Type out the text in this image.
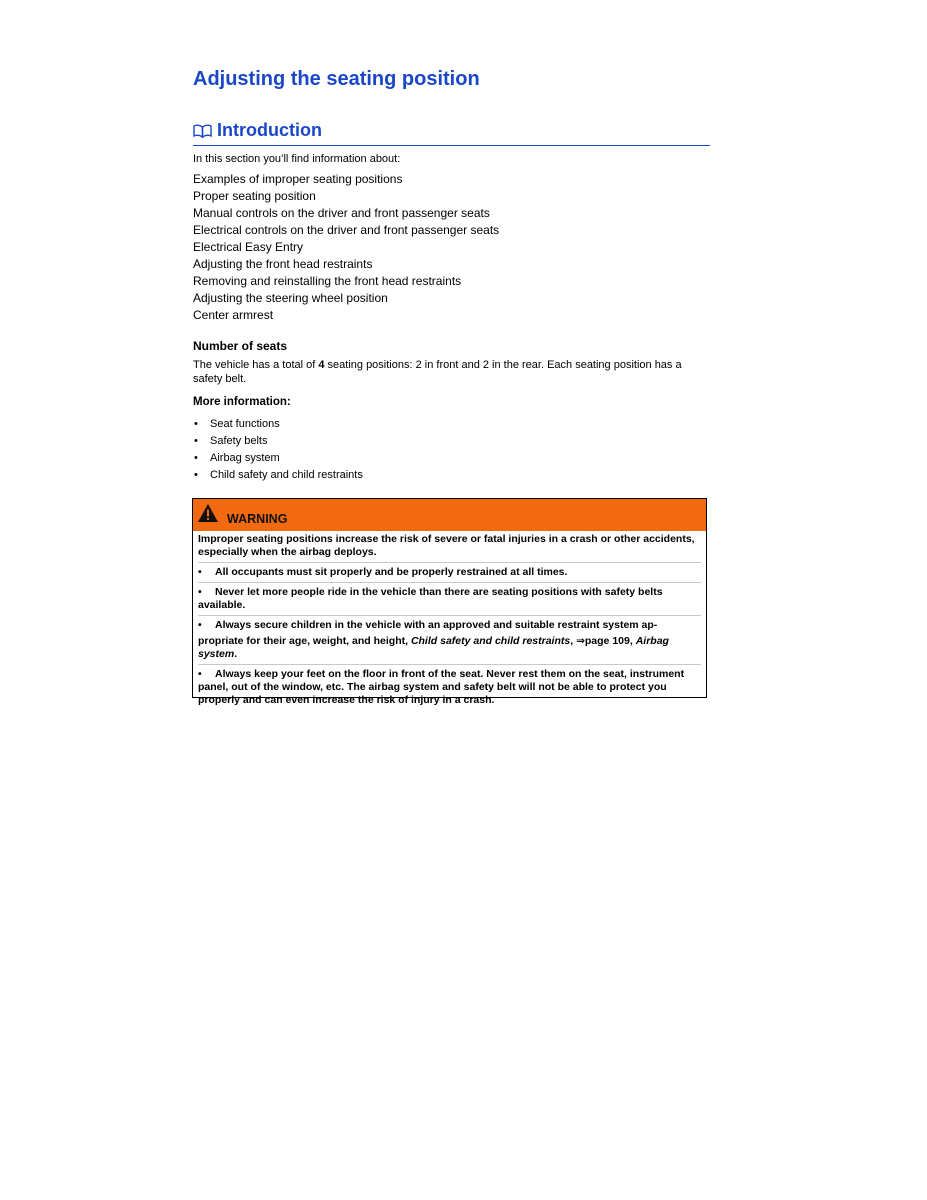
Adjusting the seating position
Introduction
In this section you’ll find information about:
Examples of improper seating positions
Proper seating position
Manual controls on the driver and front passenger seats
Electrical controls on the driver and front passenger seats
Electrical Easy Entry
Adjusting the front head restraints
Removing and reinstalling the front head restraints
Adjusting the steering wheel position
Center armrest
Number of seats
The vehicle has a total of 4 seating positions: 2 in front and 2 in the rear. Each seating position has a safety belt.
More information:
• Seat functions
• Safety belts
• Airbag system
• Child safety and child restraints
WARNING

Improper seating positions increase the risk of severe or fatal injuries in a crash or other accidents, especially when the airbag deploys.

• All occupants must sit properly and be properly restrained at all times.

• Never let more people ride in the vehicle than there are seating positions with safety belts available.

• Always secure children in the vehicle with an approved and suitable restraint system ap-

propriate for their age, weight, and height, Child safety and child restraints, ⇒page 109, Airbag system.

• Always keep your feet on the floor in front of the seat. Never rest them on the seat, instrument panel, out of the window, etc. The airbag system and safety belt will not be able to protect you properly and can even increase the risk of injury in a crash.
